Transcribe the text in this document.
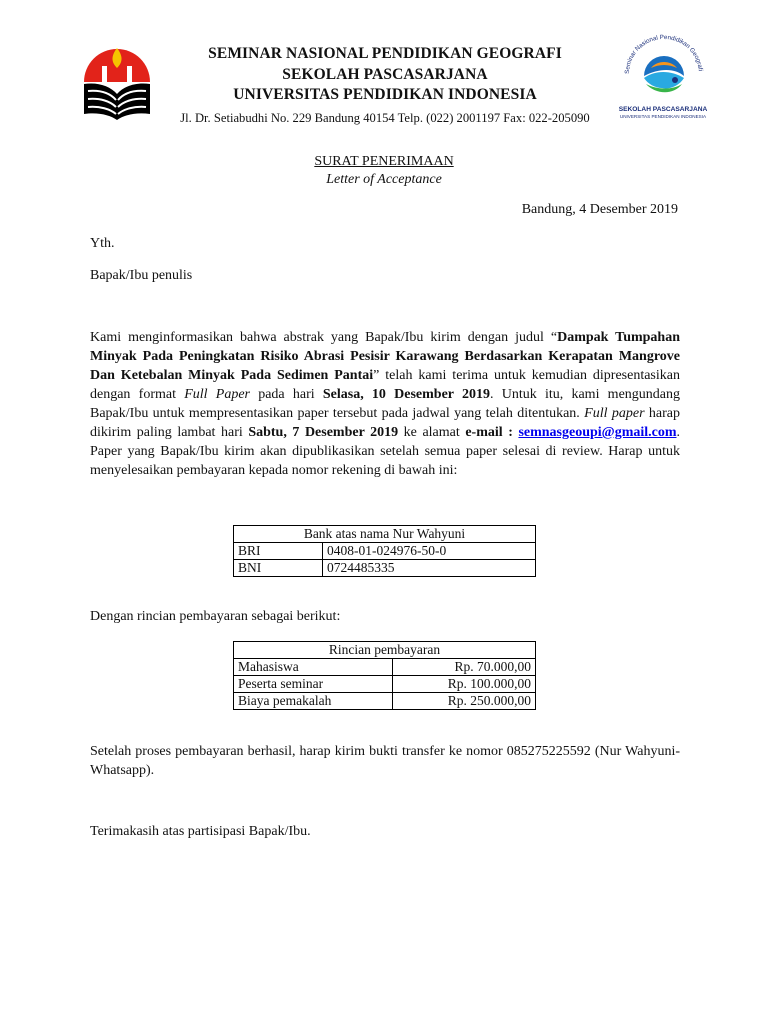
SEMINAR NASIONAL PENDIDIKAN GEOGRAFI
SEKOLAH PASCASARJANA
UNIVERSITAS PENDIDIKAN INDONESIA
Jl. Dr. Setiabudhi No. 229 Bandung 40154 Telp. (022) 2001197 Fax: 022-205090
Seminar Nasional Pendidikan Geografi
SEKOLAH PASCASARJANA
UNIVERSITAS PENDIDIKAN INDONESIA
SURAT PENERIMAAN
Letter of Acceptance
Bandung, 4 Desember 2019
Yth.
Bapak/Ibu penulis
Kami menginformasikan bahwa abstrak yang Bapak/Ibu kirim dengan judul “Dampak Tumpahan Minyak Pada Peningkatan Risiko Abrasi Pesisir Karawang Berdasarkan Kerapatan Mangrove Dan Ketebalan Minyak Pada Sedimen Pantai” telah kami terima untuk kemudian dipresentasikan dengan format Full Paper pada hari Selasa, 10 Desember 2019. Untuk itu, kami mengundang Bapak/Ibu untuk mempresentasikan paper tersebut pada jadwal yang telah ditentukan. Full paper harap dikirim paling lambat hari Sabtu, 7 Desember 2019 ke alamat e-mail : semnasgeoupi@gmail.com. Paper yang Bapak/Ibu kirim akan dipublikasikan setelah semua paper selesai di review. Harap untuk menyelesaikan pembayaran kepada nomor rekening di bawah ini:
Bank atas nama Nur Wahyuni	
BRI	0408-01-024976-50-0
BNI	0724485335
Dengan rincian pembayaran sebagai berikut:
Rincian pembayaran	
Mahasiswa	Rp. 70.000,00
Peserta seminar	Rp. 100.000,00
Biaya pemakalah	Rp. 250.000,00
Setelah proses pembayaran berhasil, harap kirim bukti transfer ke nomor 085275225592 (Nur Wahyuni-Whatsapp).
Terimakasih atas partisipasi Bapak/Ibu.
